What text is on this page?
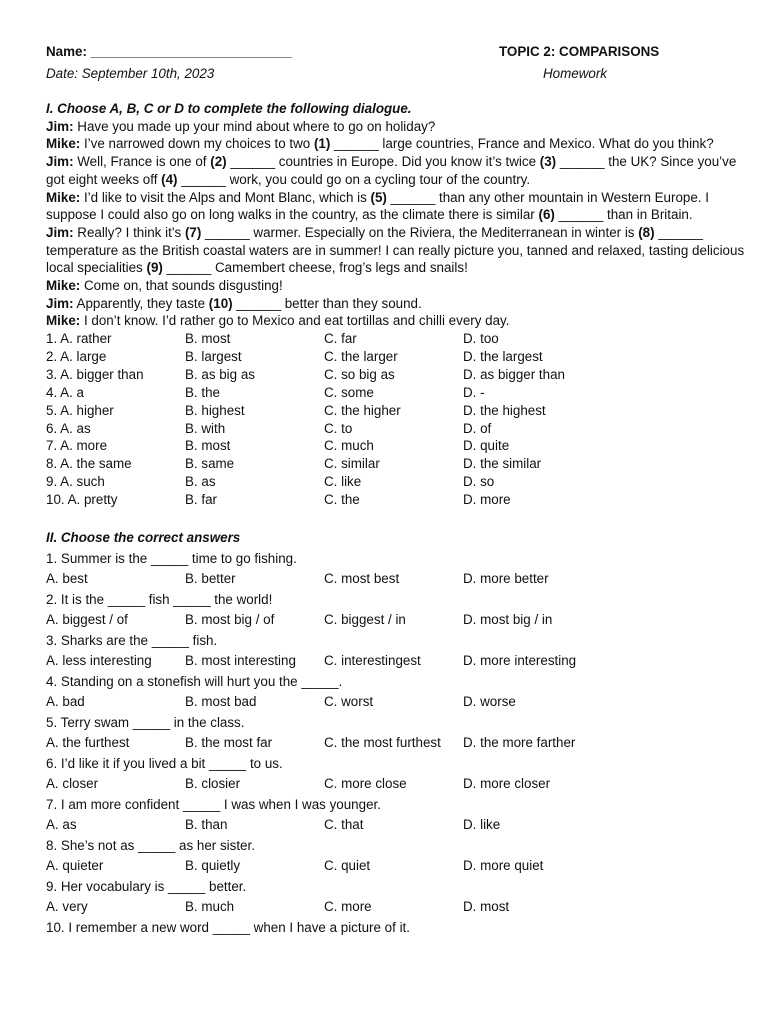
Name: ___________________________	TOPIC 2: COMPARISONS
Date: September 10th, 2023	Homework
I. Choose A, B, C or D to complete the following dialogue.

Jim: Have you made up your mind about where to go on holiday?

Mike: I’ve narrowed down my choices to two (1) ______ large countries, France and Mexico. What do you think?

Jim: Well, France is one of (2) ______ countries in Europe. Did you know it’s twice (3) ______ the UK? Since you’ve got eight weeks off (4) ______ work, you could go on a cycling tour of the country.

Mike: I’d like to visit the Alps and Mont Blanc, which is (5) ______ than any other mountain in Western Europe. I suppose I could also go on long walks in the country, as the climate there is similar (6) ______ than in Britain.

Jim: Really? I think it’s (7) ______ warmer. Especially on the Riviera, the Mediterranean in winter is (8) ______ temperature as the British coastal waters are in summer! I can really picture you, tanned and relaxed, tasting delicious local specialities (9) ______ Camembert cheese, frog’s legs and snails!

Mike: Come on, that sounds disgusting!

Jim: Apparently, they taste (10) ______ better than they sound.

Mike: I don’t know. I’d rather go to Mexico and eat tortillas and chilli every day.

1. A. rather	B. most	C. far	D. too
2. A. large	B. largest	C. the larger	D. the largest
3. A. bigger than	B. as big as	C. so big as	D. as bigger than
4. A. a	B. the	C. some	D. -
5. A. higher	B. highest	C. the higher	D. the highest
6. A. as	B. with	C. to	D. of
7. A. more	B. most	C. much	D. quite
8. A. the same	B. same	C. similar	D. the similar
9. A. such	B. as	C. like	D. so
10. A. pretty	B. far	C. the	D. more
II. Choose the correct answers
1. Summer is the _____ time to go fishing.
A. best	B. better	C. most best	D. more better
2. It is the _____ fish _____ the world!
A. biggest / of	B. most big / of	C. biggest / in	D. most big / in
3. Sharks are the _____ fish.
A. less interesting	B. most interesting	C. interestingest	D. more interesting
4. Standing on a stonefish will hurt you the _____.
A. bad	B. most bad	C. worst	D. worse
5. Terry swam _____ in the class.
A. the furthest	B. the most far	C. the most furthest	D. the more farther
6. I’d like it if you lived a bit _____ to us.
A. closer	B. closier	C. more close	D. more closer
7. I am more confident _____ I was when I was younger.
A. as	B. than	C. that	D. like
8. She’s not as _____ as her sister.
A. quieter	B. quietly	C. quiet	D. more quiet
9. Her vocabulary is _____ better.
A. very	B. much	C. more	D. most
10. I remember a new word _____ when I have a picture of it.
